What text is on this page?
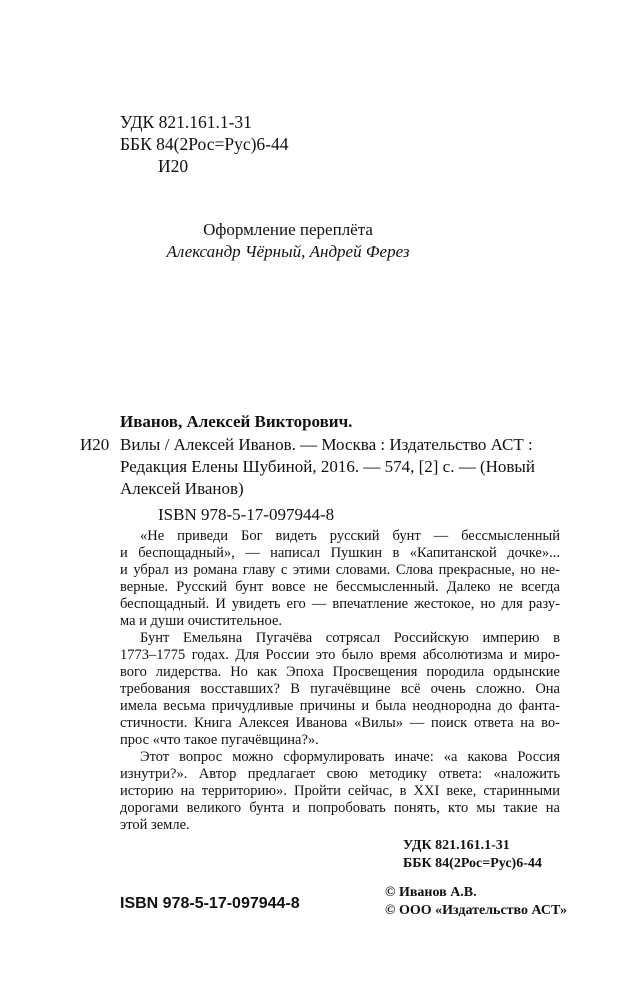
УДК 821.161.1-31
ББК 84(2Рос=Рус)6-44
И20
Оформление переплёта
Александр Чёрный, Андрей Ферез
Иванов, Алексей Викторович.
И20 Вилы / Алексей Иванов. — Москва : Издательство АСТ :
Редакция Елены Шубиной, 2016. — 574, [2] с. — (Новый
Алексей Иванов)
ISBN 978-5-17-097944-8
«Не приведи Бог видеть русский бунт — бессмысленный
и беспощадный», — написал Пушкин в «Капитанской дочке»...
и убрал из романа главу с этими словами. Слова прекрасные, но не-
верные. Русский бунт вовсе не бессмысленный. Далеко не всегда
беспощадный. И увидеть его — впечатление жестокое, но для разу-
ма и души очистительное.
Бунт Емельяна Пугачёва сотрясал Российскую империю в
1773–1775 годах. Для России это было время абсолютизма и миро-
вого лидерства. Но как Эпоха Просвещения породила ордынские
требования восставших? В пугачёвщине всё очень сложно. Она
имела весьма причудливые причины и была неоднородна до фанта-
стичности. Книга Алексея Иванова «Вилы» — поиск ответа на во-
прос «что такое пугачёвщина?».
Этот вопрос можно сформулировать иначе: «а какова Россия
изнутри?». Автор предлагает свою методику ответа: «наложить
историю на территорию». Пройти сейчас, в XXI веке, старинными
дорогами великого бунта и попробовать понять, кто мы такие на
этой земле.
УДК 821.161.1-31
ББК 84(2Рос=Рус)6-44
© Иванов А.В.
© ООО «Издательство АСТ»
ISBN 978-5-17-097944-8
